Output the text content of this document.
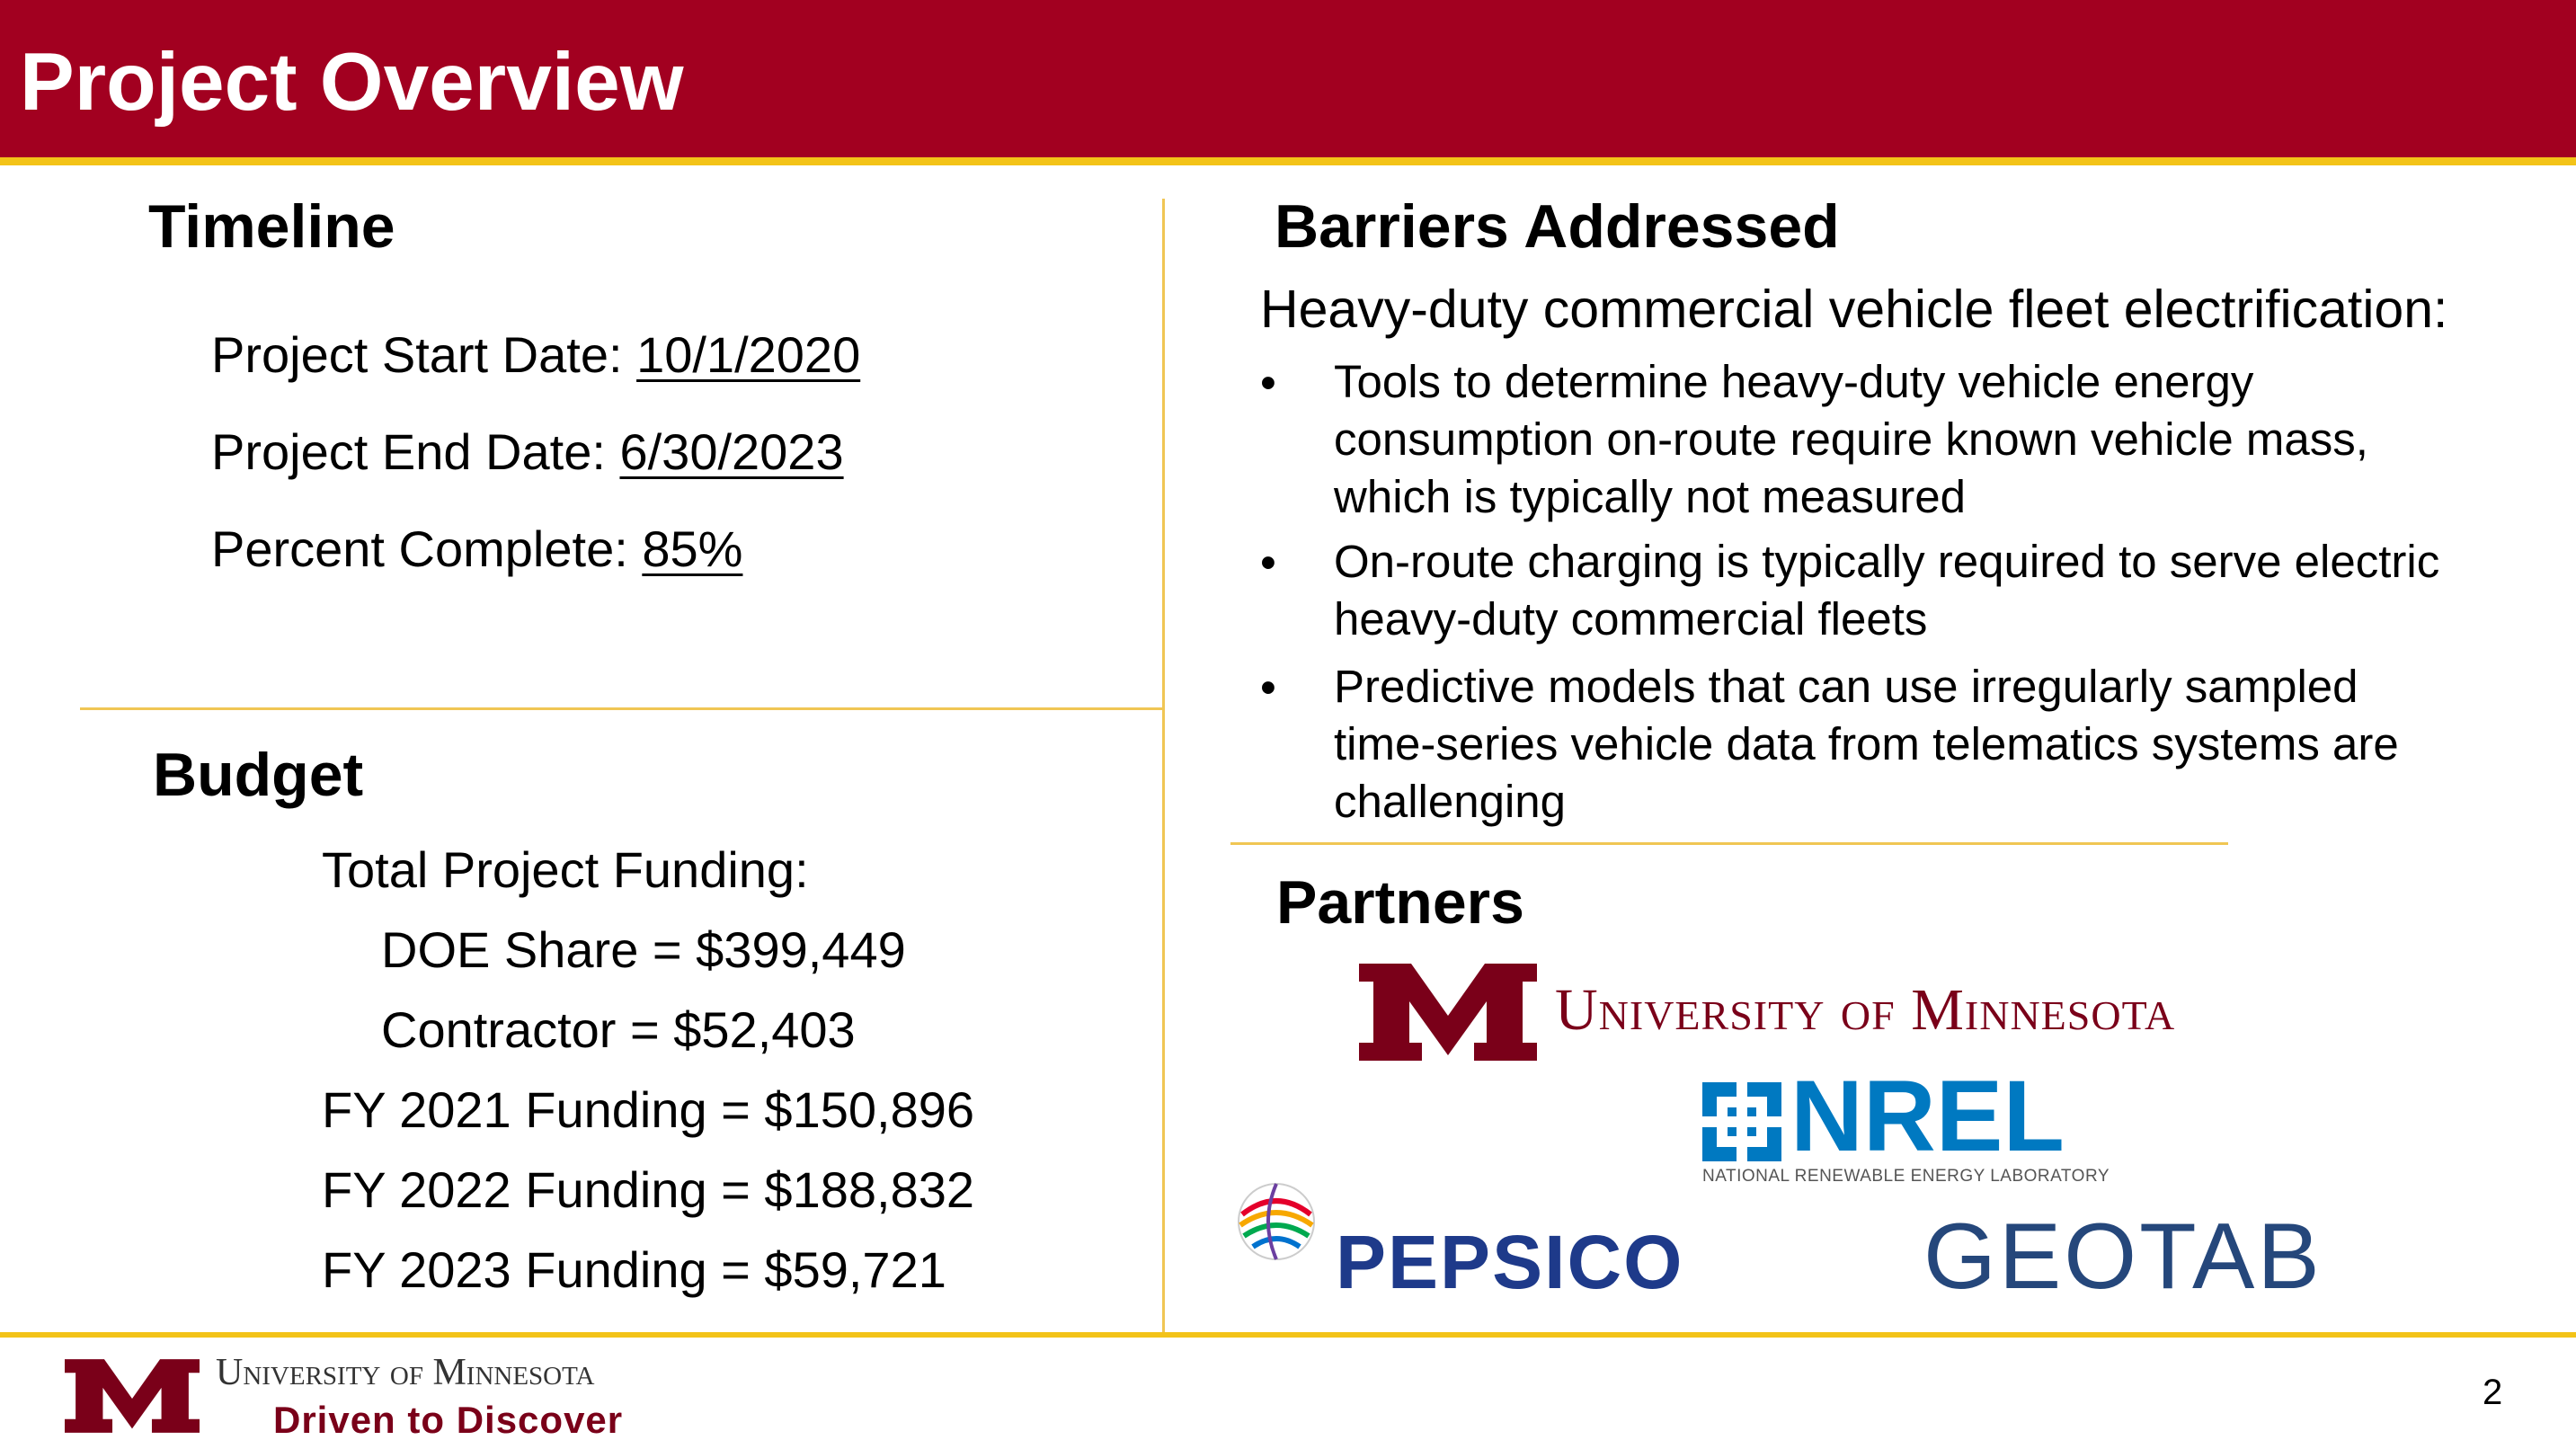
Project Overview
Timeline
Project Start Date: 10/1/2020
Project End Date: 6/30/2023
Percent Complete: 85%
Budget
Total Project Funding:
DOE Share = $399,449
Contractor = $52,403
FY 2021 Funding = $150,896
FY 2022 Funding = $188,832
FY 2023 Funding = $59,721
Barriers Addressed
Heavy-duty commercial vehicle fleet electrification:
• Tools to determine heavy-duty vehicle energy
consumption on-route require known vehicle mass,
which is typically not measured
• On-route charging is typically required to serve electric
heavy-duty commercial fleets
• Predictive models that can use irregularly sampled
time-series vehicle data from telematics systems are
challenging
Partners
University of Minnesota
NREL
NATIONAL RENEWABLE ENERGY LABORATORY
PEPSICO	GEOTAB
University of Minnesota
Driven to Discover
2
